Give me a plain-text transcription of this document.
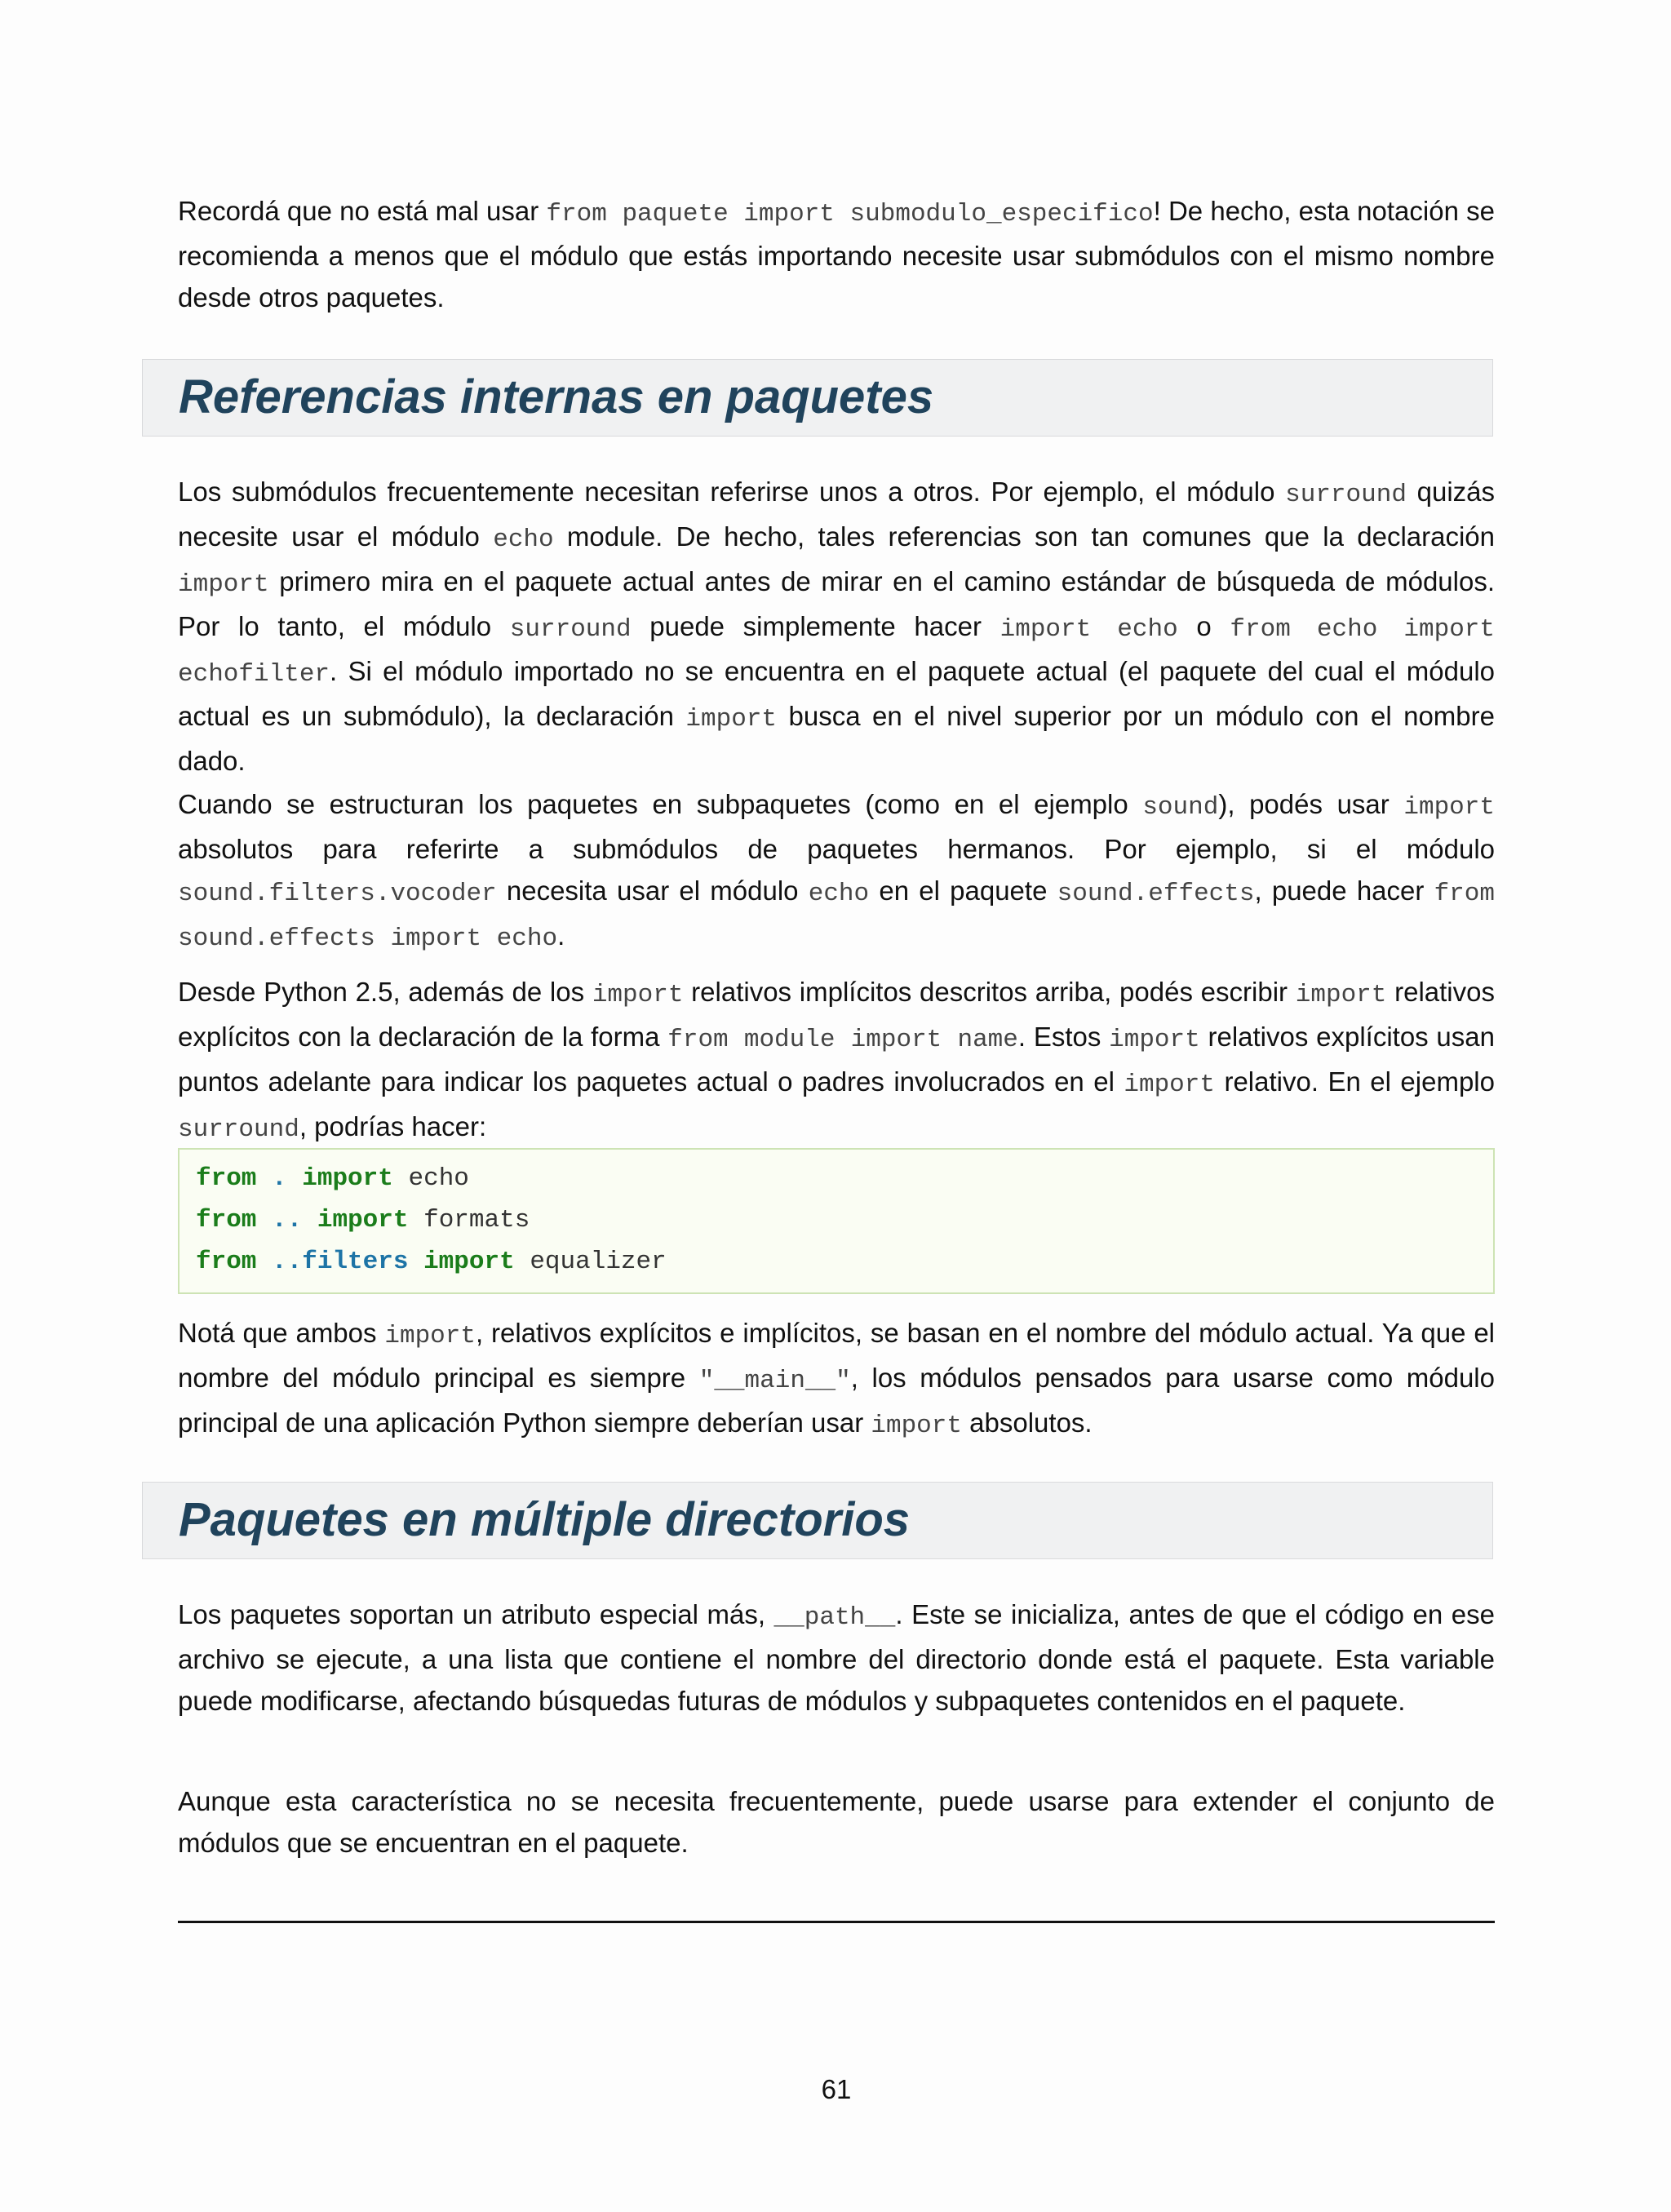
Recordá que no está mal usar from paquete import submodulo_especifico! De hecho, esta notación se recomienda a menos que el módulo que estás importando necesite usar submódulos con el mismo nombre desde otros paquetes.

Referencias internas en paquetes

Los submódulos frecuentemente necesitan referirse unos a otros. Por ejemplo, el módulo surround quizás necesite usar el módulo echo module. De hecho, tales referencias son tan comunes que la declaración import primero mira en el paquete actual antes de mirar en el camino estándar de búsqueda de módulos. Por lo tanto, el módulo surround puede simplemente hacer import echo o from echo import echofilter. Si el módulo importado no se encuentra en el paquete actual (el paquete del cual el módulo actual es un submódulo), la declaración import busca en el nivel superior por un módulo con el nombre dado.

Cuando se estructuran los paquetes en subpaquetes (como en el ejemplo sound), podés usar import absolutos para referirte a submódulos de paquetes hermanos. Por ejemplo, si el módulo sound.filters.vocoder necesita usar el módulo echo en el paquete sound.effects, puede hacer from sound.effects import echo.

Desde Python 2.5, además de los import relativos implícitos descritos arriba, podés escribir import relativos explícitos con la declaración de la forma from module import name. Estos import relativos explícitos usan puntos adelante para indicar los paquetes actual o padres involucrados en el import relativo. En el ejemplo surround, podrías hacer:

from . import echo
from .. import formats
from ..filters import equalizer

Notá que ambos import, relativos explícitos e implícitos, se basan en el nombre del módulo actual. Ya que el nombre del módulo principal es siempre "__main__", los módulos pensados para usarse como módulo principal de una aplicación Python siempre deberían usar import absolutos.

Paquetes en múltiple directorios

Los paquetes soportan un atributo especial más, __path__. Este se inicializa, antes de que el código en ese archivo se ejecute, a una lista que contiene el nombre del directorio donde está el paquete. Esta variable puede modificarse, afectando búsquedas futuras de módulos y subpaquetes contenidos en el paquete.

Aunque esta característica no se necesita frecuentemente, puede usarse para extender el conjunto de módulos que se encuentran en el paquete.

61
